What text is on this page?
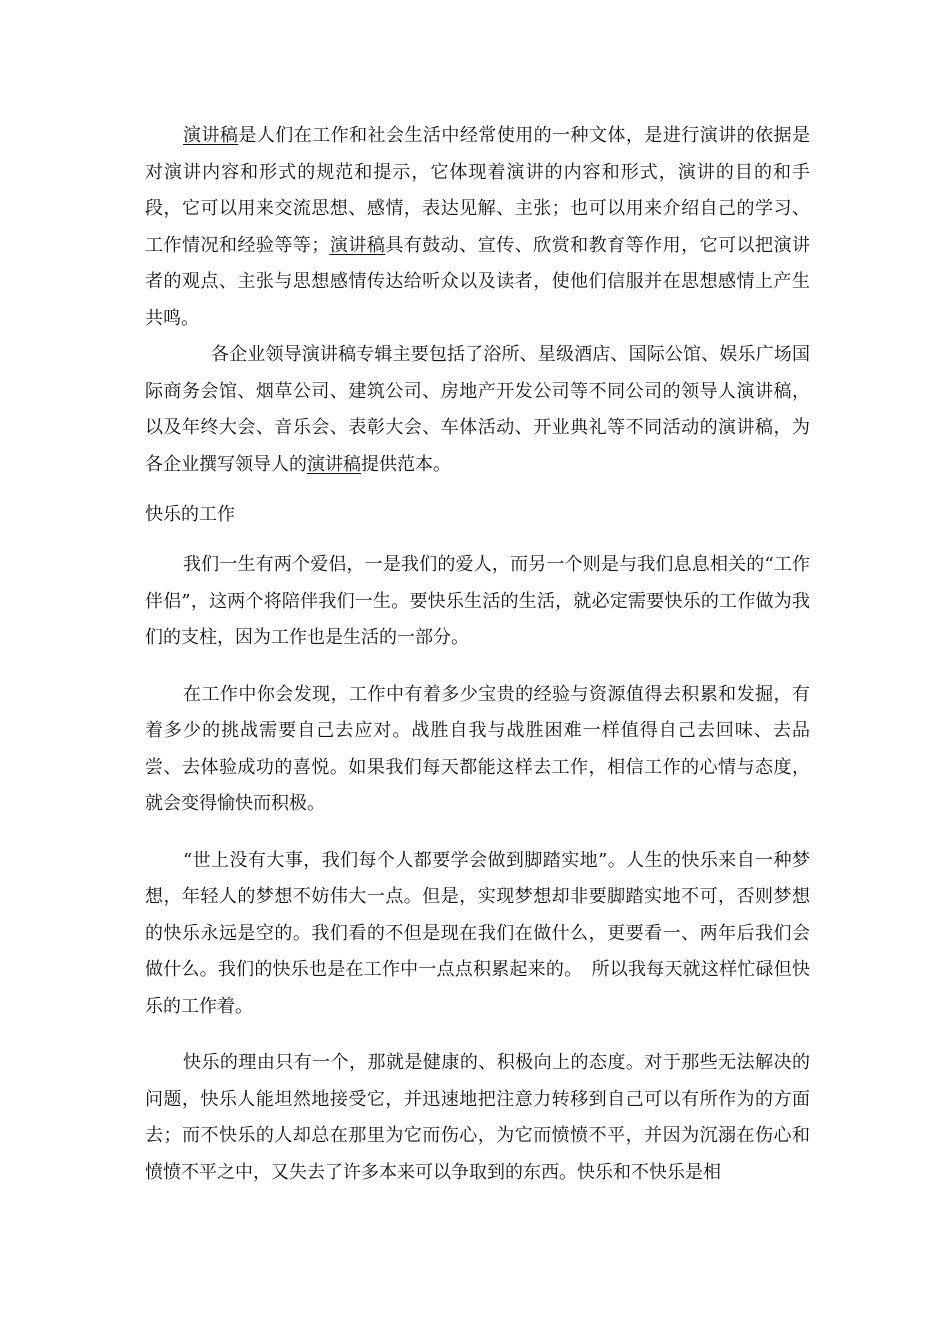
演讲稿是人们在工作和社会生活中经常使用的一种文体，是进行演讲的依据是对演讲内容和形式的规范和提示，它体现着演讲的内容和形式，演讲的目的和手段，它可以用来交流思想、感情，表达见解、主张；也可以用来介绍自己的学习、工作情况和经验等等；演讲稿具有鼓动、宣传、欣赏和教育等作用，它可以把演讲者的观点、主张与思想感情传达给听众以及读者，使他们信服并在思想感情上产生共鸣。

各企业领导演讲稿专辑主要包括了浴所、星级酒店、国际公馆、娱乐广场国际商务会馆、烟草公司、建筑公司、房地产开发公司等不同公司的领导人演讲稿，以及年终大会、音乐会、表彰大会、车体活动、开业典礼等不同活动的演讲稿，为各企业撰写领导人的演讲稿提供范本。

快乐的工作

我们一生有两个爱侣，一是我们的爱人，而另一个则是与我们息息相关的“工作伴侣”，这两个将陪伴我们一生。要快乐生活的生活，就必定需要快乐的工作做为我们的支柱，因为工作也是生活的一部分。

在工作中你会发现，工作中有着多少宝贵的经验与资源值得去积累和发掘，有着多少的挑战需要自己去应对。战胜自我与战胜困难一样值得自己去回味、去品尝、去体验成功的喜悦。如果我们每天都能这样去工作，相信工作的心情与态度，就会变得愉快而积极。

“世上没有大事，我们每个人都要学会做到脚踏实地”。人生的快乐来自一种梦想，年轻人的梦想不妨伟大一点。但是，实现梦想却非要脚踏实地不可，否则梦想的快乐永远是空的。我们看的不但是现在我们在做什么，更要看一、两年后我们会做什么。我们的快乐也是在工作中一点点积累起来的。　所以我每天就这样忙碌但快乐的工作着。

快乐的理由只有一个，那就是健康的、积极向上的态度。对于那些无法解决的问题，快乐人能坦然地接受它，并迅速地把注意力转移到自己可以有所作为的方面去；而不快乐的人却总在那里为它而伤心，为它而愤愤不平，并因为沉溺在伤心和愤愤不平之中，又失去了许多本来可以争取到的东西。快乐和不快乐是相
